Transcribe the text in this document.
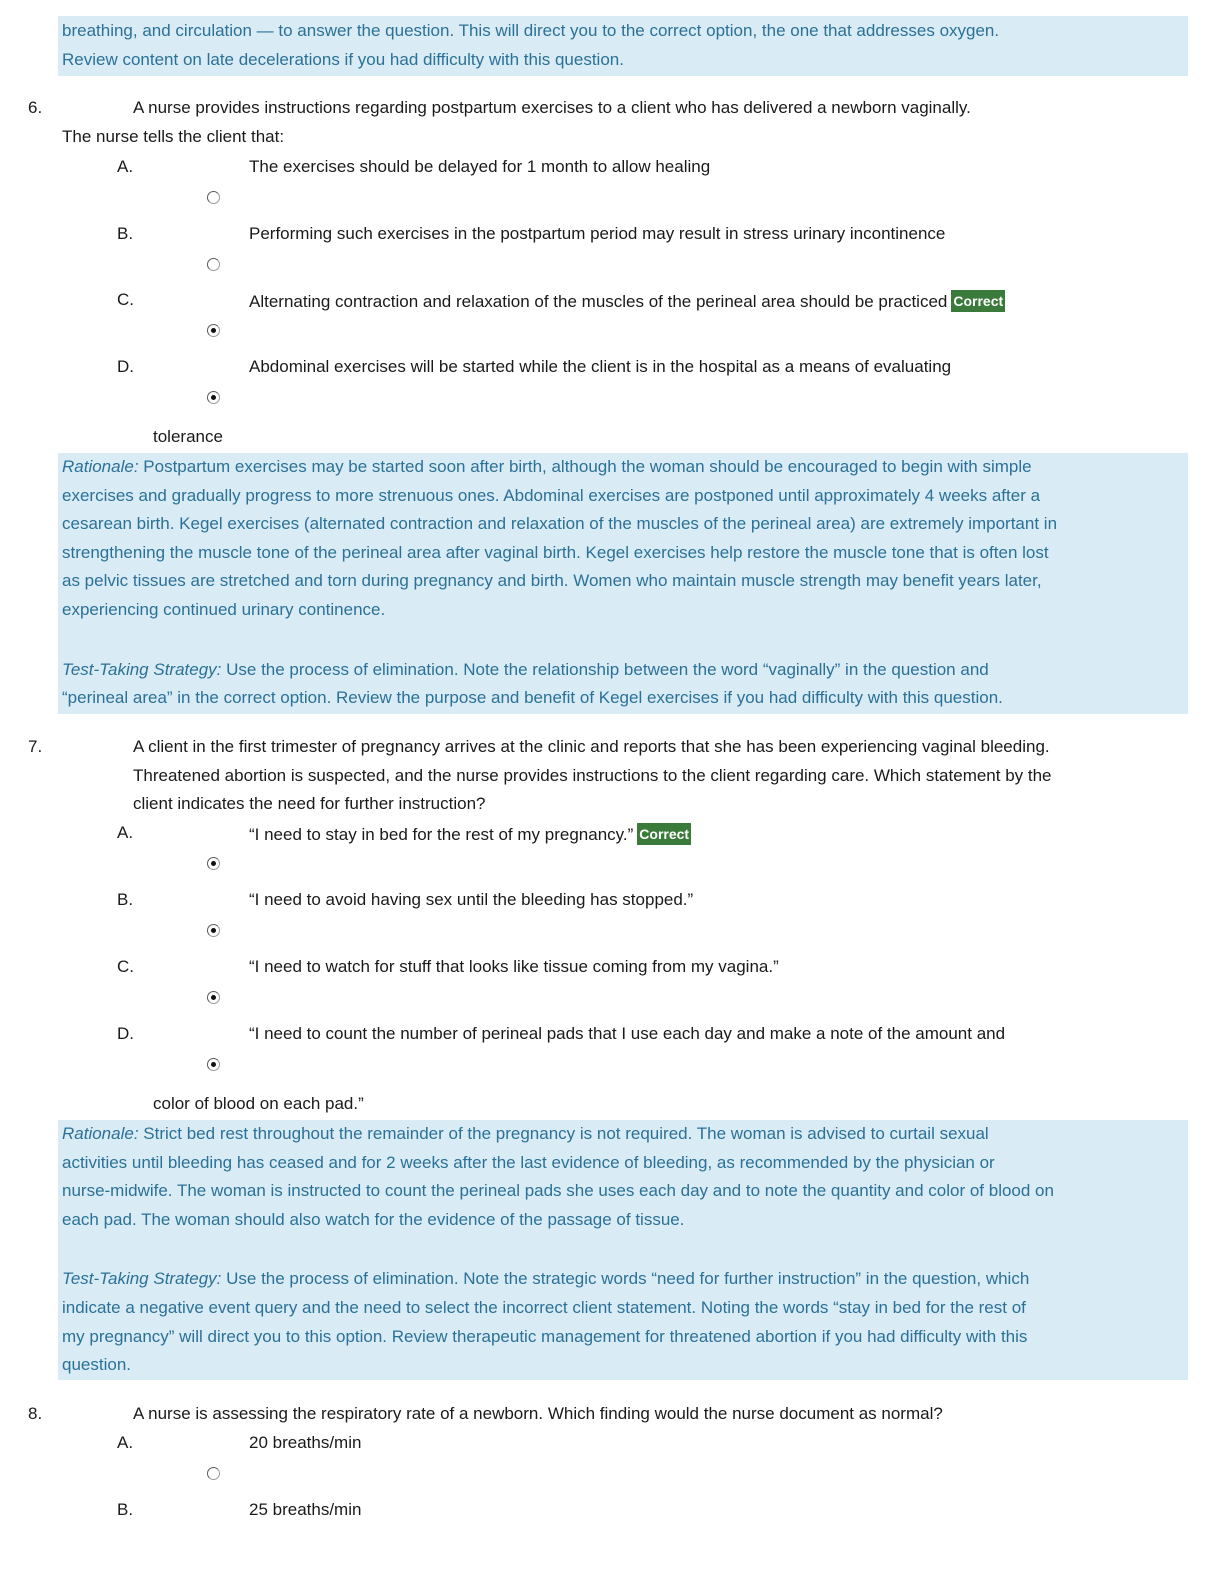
breathing, and circulation — to answer the question. This will direct you to the correct option, the one that addresses oxygen.

Review content on late decelerations if you had difficulty with this question.

6.	A nurse provides instructions regarding postpartum exercises to a client who has delivered a newborn vaginally.
The nurse tells the client that:
A.	The exercises should be delayed for 1 month to allow healing
B.	Performing such exercises in the postpartum period may result in stress urinary incontinence
C.	Alternating contraction and relaxation of the muscles of the perineal area should be practiced Correct
D.	Abdominal exercises will be started while the client is in the hospital as a means of evaluating
tolerance

Rationale: Postpartum exercises may be started soon after birth, although the woman should be encouraged to begin with simple

exercises and gradually progress to more strenuous ones. Abdominal exercises are postponed until approximately 4 weeks after a

cesarean birth. Kegel exercises (alternated contraction and relaxation of the muscles of the perineal area) are extremely important in

strengthening the muscle tone of the perineal area after vaginal birth. Kegel exercises help restore the muscle tone that is often lost

as pelvic tissues are stretched and torn during pregnancy and birth. Women who maintain muscle strength may benefit years later,

experiencing continued urinary continence.

Test-Taking Strategy: Use the process of elimination. Note the relationship between the word “vaginally” in the question and

“perineal area” in the correct option. Review the purpose and benefit of Kegel exercises if you had difficulty with this question.

7.	A client in the first trimester of pregnancy arrives at the clinic and reports that she has been experiencing vaginal bleeding.
Threatened abortion is suspected, and the nurse provides instructions to the client regarding care. Which statement by the
client indicates the need for further instruction?
A.	“I need to stay in bed for the rest of my pregnancy.” Correct
B.	“I need to avoid having sex until the bleeding has stopped.”
C.	“I need to watch for stuff that looks like tissue coming from my vagina.”
D.	“I need to count the number of perineal pads that I use each day and make a note of the amount and
color of blood on each pad.”

Rationale: Strict bed rest throughout the remainder of the pregnancy is not required. The woman is advised to curtail sexual

activities until bleeding has ceased and for 2 weeks after the last evidence of bleeding, as recommended by the physician or

nurse-midwife. The woman is instructed to count the perineal pads she uses each day and to note the quantity and color of blood on

each pad. The woman should also watch for the evidence of the passage of tissue.

Test-Taking Strategy: Use the process of elimination. Note the strategic words “need for further instruction” in the question, which

indicate a negative event query and the need to select the incorrect client statement. Noting the words “stay in bed for the rest of

my pregnancy” will direct you to this option. Review therapeutic management for threatened abortion if you had difficulty with this

question.

8.	A nurse is assessing the respiratory rate of a newborn. Which finding would the nurse document as normal?
A.	20 breaths/min
B.	25 breaths/min
